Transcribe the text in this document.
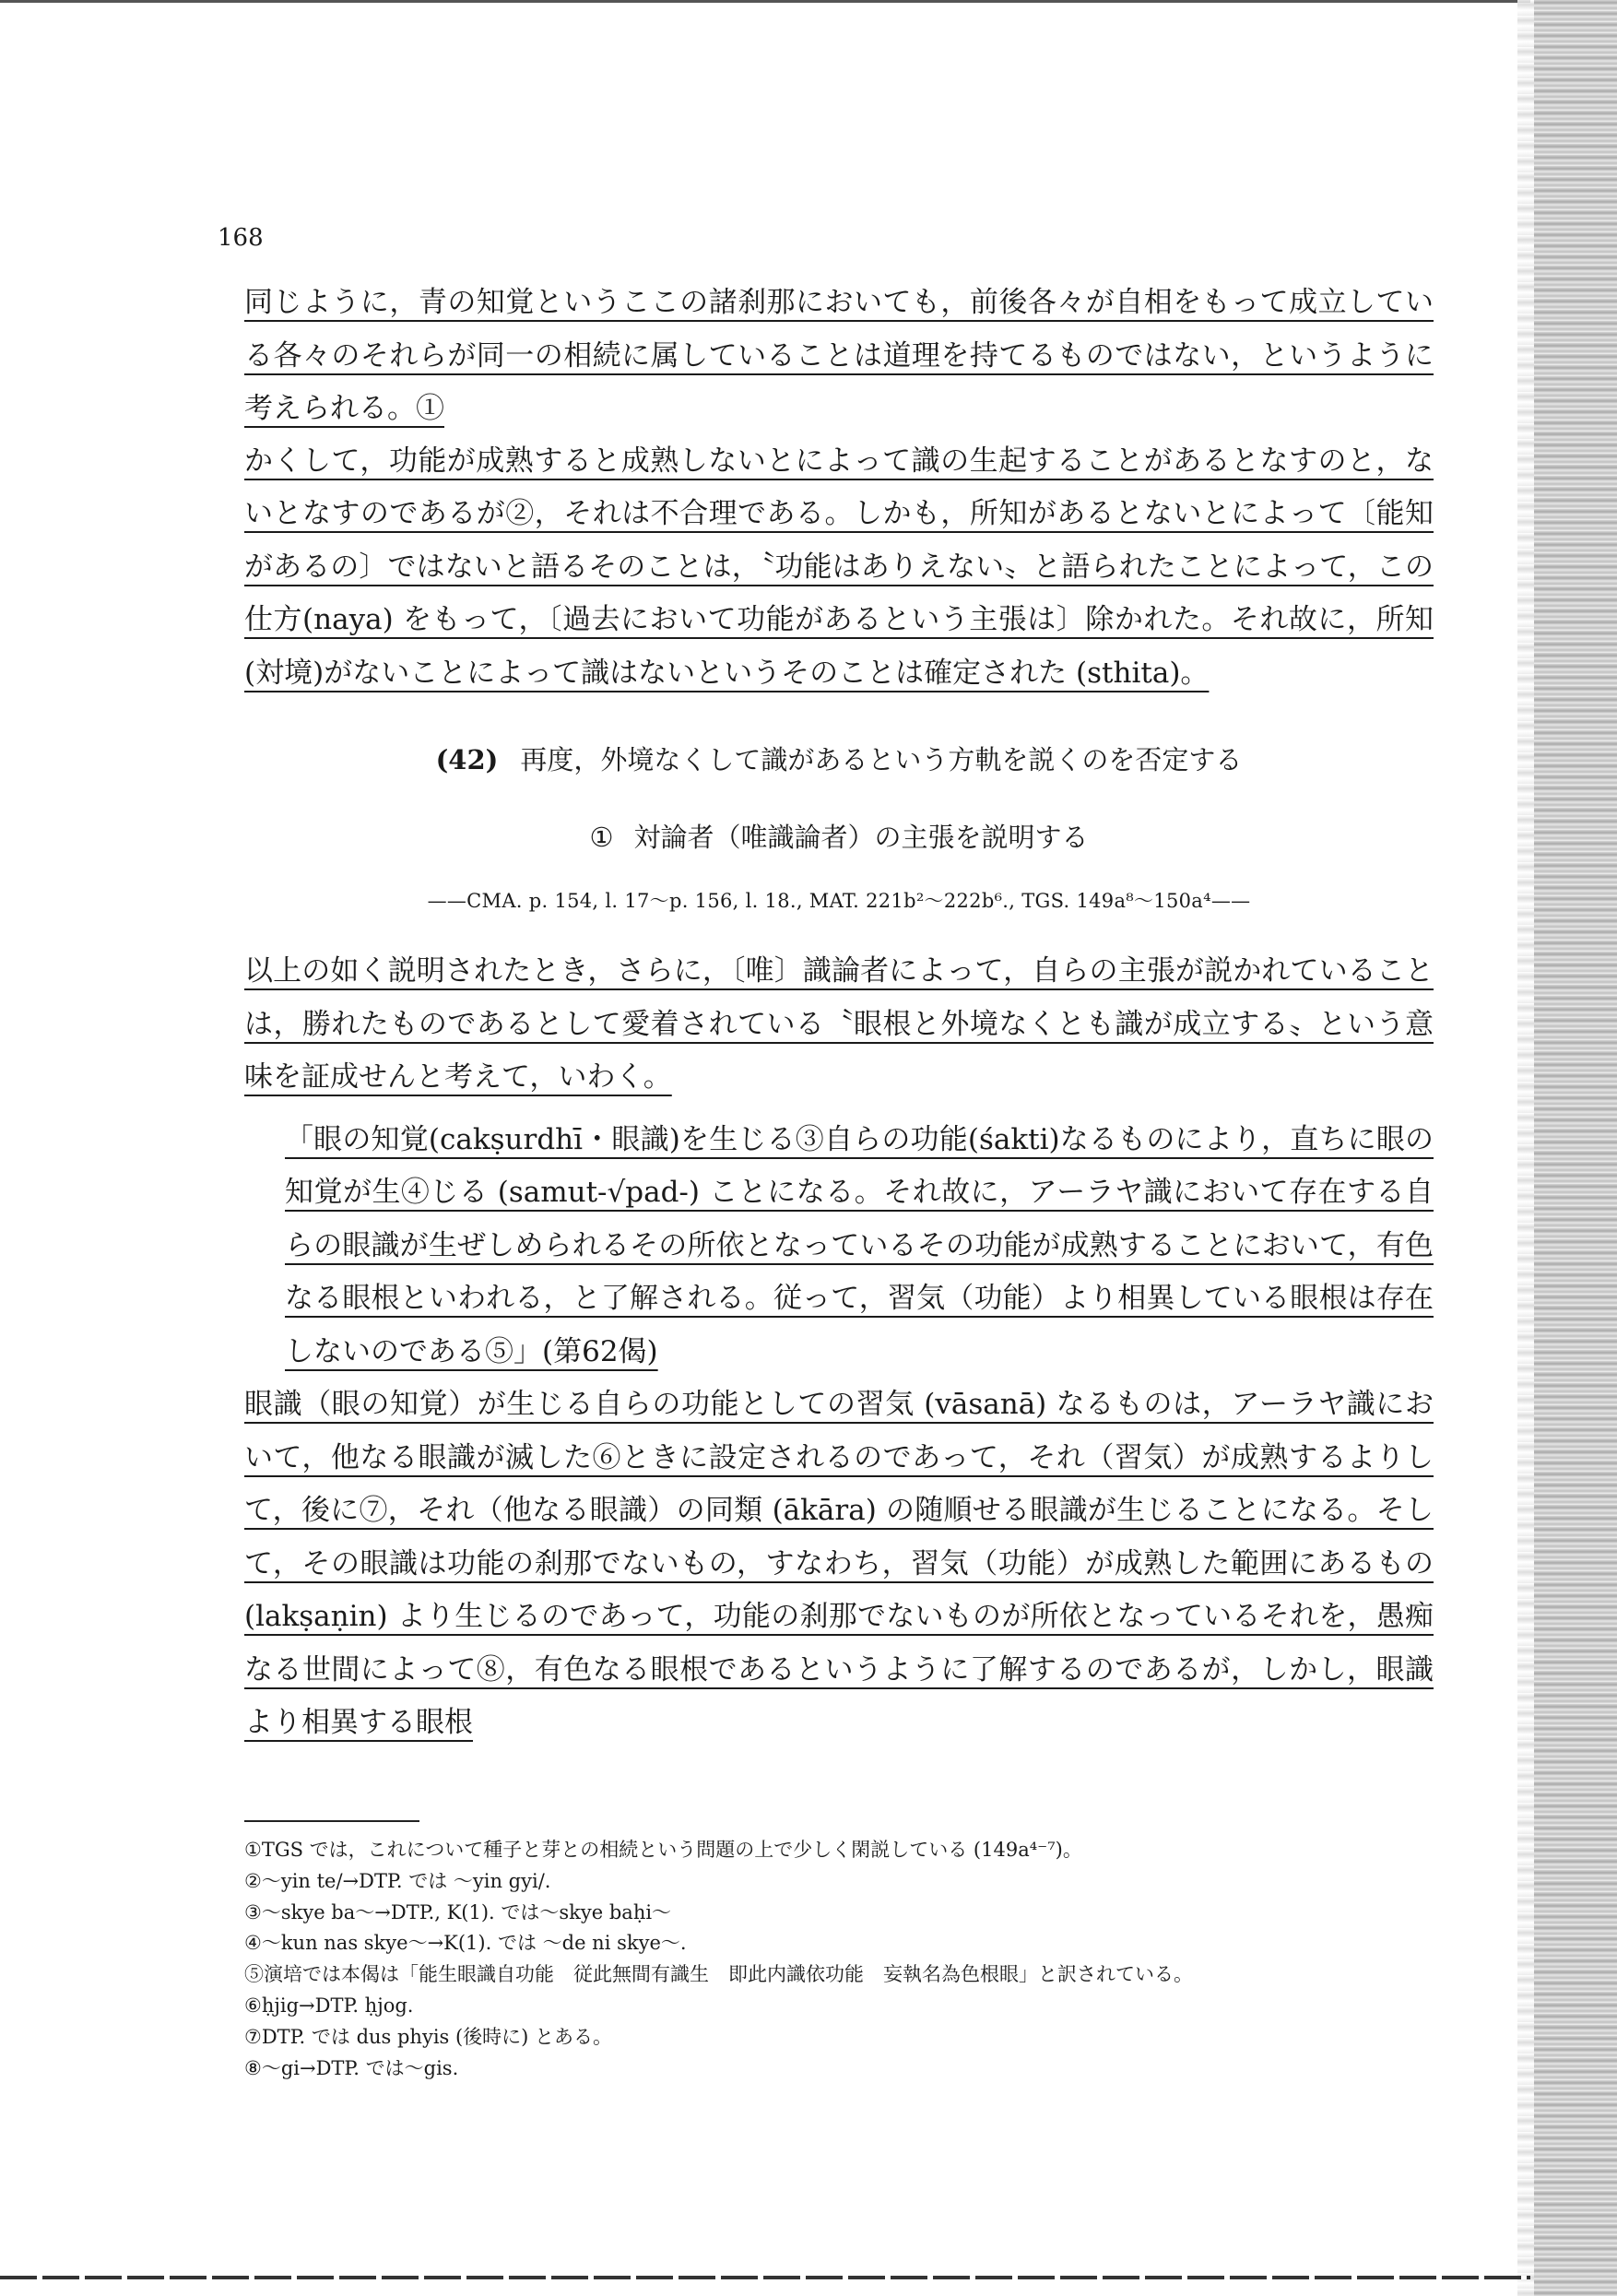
168

同じように，青の知覚というここの諸刹那においても，前後各々が自相をもって成立している各々のそれらが同一の相続に属していることは道理を持てるものではない，というように考えられる。①

かくして，功能が成熟すると成熟しないとによって識の生起することがあるとなすのと，ないとなすのであるが②，それは不合理である。しかも，所知があるとないとによって〔能知があるの〕ではないと語るそのことは，〝功能はありえない〟と語られたことによって，この仕方(naya) をもって，〔過去において功能があるという主張は〕除かれた。それ故に，所知(対境)がないことによって識はないというそのことは確定された (sthita)。

(42) 再度，外境なくして識があるという方軌を説くのを否定する

① 対論者（唯識論者）の主張を説明する

——CMA. p. 154, l. 17～p. 156, l. 18., MAT. 221b²～222b⁶., TGS. 149a⁸～150a⁴——

以上の如く説明されたとき，さらに，〔唯〕識論者によって，自らの主張が説かれていることは，勝れたものであるとして愛着されている〝眼根と外境なくとも識が成立する〟という意味を証成せんと考えて，いわく。

「眼の知覚(cakṣurdhī・眼識)を生じる③自らの功能(śakti)なるものにより，直ちに眼の知覚が生④じる (samut-√pad-) ことになる。それ故に，アーラヤ識において存在する自らの眼識が生ぜしめられるその所依となっているその功能が成熟することにおいて，有色なる眼根といわれる，と了解される。従って，習気（功能）より相異している眼根は存在しないのである⑤」(第62偈)

眼識（眼の知覚）が生じる自らの功能としての習気 (vāsanā) なるものは，アーラヤ識において，他なる眼識が滅した⑥ときに設定されるのであって，それ（習気）が成熟するよりして，後に⑦，それ（他なる眼識）の同類 (ākāra) の随順せる眼識が生じることになる。そして，その眼識は功能の刹那でないもの，すなわち，習気（功能）が成熟した範囲にあるもの (lakṣaṇin) より生じるのであって，功能の刹那でないものが所依となっているそれを，愚痴なる世間によって⑧，有色なる眼根であるというように了解するのであるが，しかし，眼識より相異する眼根

①TGS では，これについて種子と芽との相続という問題の上で少しく閑説している (149a⁴⁻⁷)。

②～yin te/→DTP. では ～yin gyi/.

③～skye ba～→DTP., K(1). では～skye baḥi～

④～kun nas skye～→K(1). では ～de ni skye～.

⑤演培では本偈は「能生眼識自功能　従此無間有識生　即此内識依功能　妄執名為色根眼」と訳されている。

⑥ḥjig→DTP. ḥjog.

⑦DTP. では dus phyis (後時に) とある。

⑧～gi→DTP. では～gis.
